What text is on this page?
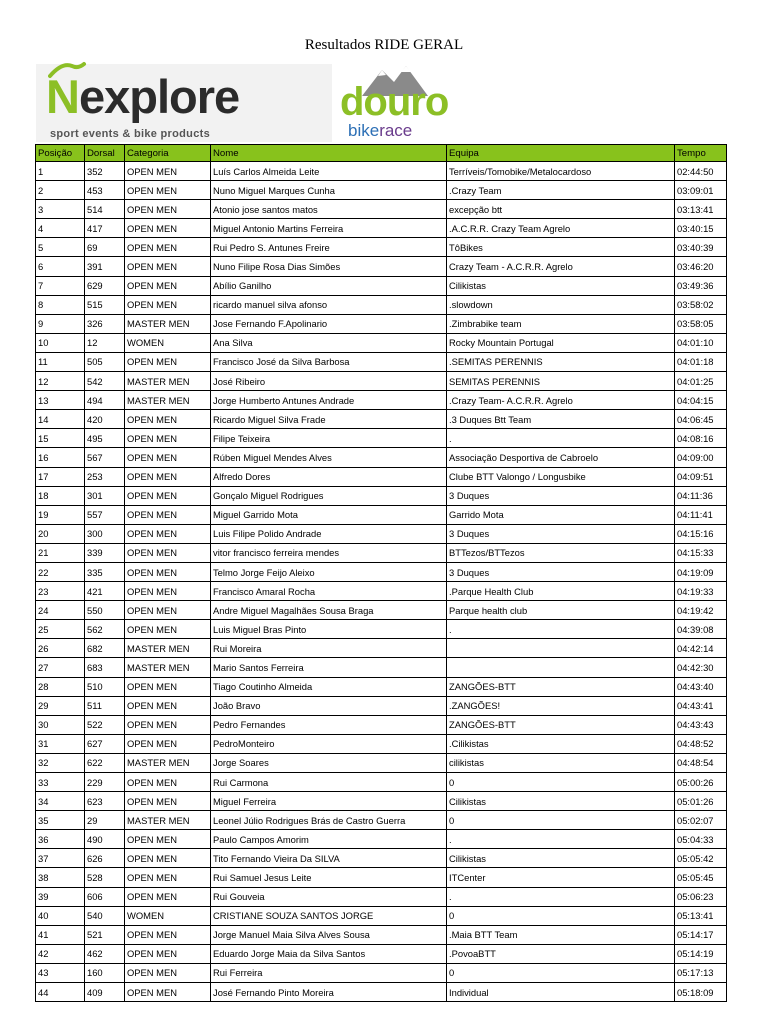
Resultados RIDE GERAL
Nexplore
sport events & bike products
douro
bikerace
Posição	Dorsal	Categoria	Nome	Equipa	Tempo
1	352	OPEN MEN	Luís Carlos Almeida Leite	Terríveis/Tomobike/Metalocardoso	02:44:50
2	453	OPEN MEN	Nuno Miguel Marques Cunha	.Crazy Team	03:09:01
3	514	OPEN MEN	Atonio jose santos matos	excepção btt	03:13:41
4	417	OPEN MEN	Miguel Antonio Martins Ferreira	.A.C.R.R. Crazy Team Agrelo	03:40:15
5	69	OPEN MEN	Rui Pedro S. Antunes Freire	TôBikes	03:40:39
6	391	OPEN MEN	Nuno Filipe Rosa Dias Simões	Crazy Team - A.C.R.R. Agrelo	03:46:20
7	629	OPEN MEN	Abílio Ganilho	Cilikistas	03:49:36
8	515	OPEN MEN	ricardo manuel silva afonso	.slowdown	03:58:02
9	326	MASTER MEN	Jose Fernando F.Apolinario	.Zimbrabike team	03:58:05
10	12	WOMEN	Ana Silva	Rocky Mountain Portugal	04:01:10
11	505	OPEN MEN	Francisco José da Silva Barbosa	.SEMITAS PERENNIS	04:01:18
12	542	MASTER MEN	José Ribeiro	SEMITAS PERENNIS	04:01:25
13	494	MASTER MEN	Jorge Humberto Antunes Andrade	.Crazy Team- A.C.R.R. Agrelo	04:04:15
14	420	OPEN MEN	Ricardo Miguel Silva Frade	.3 Duques Btt Team	04:06:45
15	495	OPEN MEN	Filipe Teixeira	.	04:08:16
16	567	OPEN MEN	Rúben Miguel Mendes Alves	Associação Desportiva de Cabroelo	04:09:00
17	253	OPEN MEN	Alfredo Dores	Clube BTT Valongo / Longusbike	04:09:51
18	301	OPEN MEN	Gonçalo Miguel Rodrigues	3 Duques	04:11:36
19	557	OPEN MEN	Miguel Garrido Mota	Garrido Mota	04:11:41
20	300	OPEN MEN	Luis Filipe Polido Andrade	3 Duques	04:15:16
21	339	OPEN MEN	vitor francisco ferreira mendes	BTTezos/BTTezos	04:15:33
22	335	OPEN MEN	Telmo Jorge Feijo Aleixo	3 Duques	04:19:09
23	421	OPEN MEN	Francisco Amaral Rocha	.Parque Health Club	04:19:33
24	550	OPEN MEN	Andre Miguel Magalhães Sousa Braga	Parque health club	04:19:42
25	562	OPEN MEN	Luis Miguel Bras Pinto	.	04:39:08
26	682	MASTER MEN	Rui Moreira		04:42:14
27	683	MASTER MEN	Mario Santos Ferreira		04:42:30
28	510	OPEN MEN	Tiago Coutinho Almeida	ZANGÕES-BTT	04:43:40
29	511	OPEN MEN	João Bravo	.ZANGÕES!	04:43:41
30	522	OPEN MEN	Pedro Fernandes	ZANGÕES-BTT	04:43:43
31	627	OPEN MEN	PedroMonteiro	.Cilikistas	04:48:52
32	622	MASTER MEN	Jorge Soares	cilikistas	04:48:54
33	229	OPEN MEN	Rui Carmona	0	05:00:26
34	623	OPEN MEN	Miguel Ferreira	Cilikistas	05:01:26
35	29	MASTER MEN	Leonel Júlio Rodrigues Brás de Castro Guerra	0	05:02:07
36	490	OPEN MEN	Paulo Campos Amorim	.	05:04:33
37	626	OPEN MEN	Tito Fernando Vieira Da SILVA	Cilikistas	05:05:42
38	528	OPEN MEN	Rui Samuel Jesus Leite	ITCenter	05:05:45
39	606	OPEN MEN	Rui Gouveia	.	05:06:23
40	540	WOMEN	CRISTIANE SOUZA SANTOS JORGE	0	05:13:41
41	521	OPEN MEN	Jorge Manuel Maia Silva Alves Sousa	.Maia BTT Team	05:14:17
42	462	OPEN MEN	Eduardo Jorge Maia da Silva Santos	.PovoaBTT	05:14:19
43	160	OPEN MEN	Rui Ferreira	0	05:17:13
44	409	OPEN MEN	José Fernando Pinto Moreira	Individual	05:18:09
